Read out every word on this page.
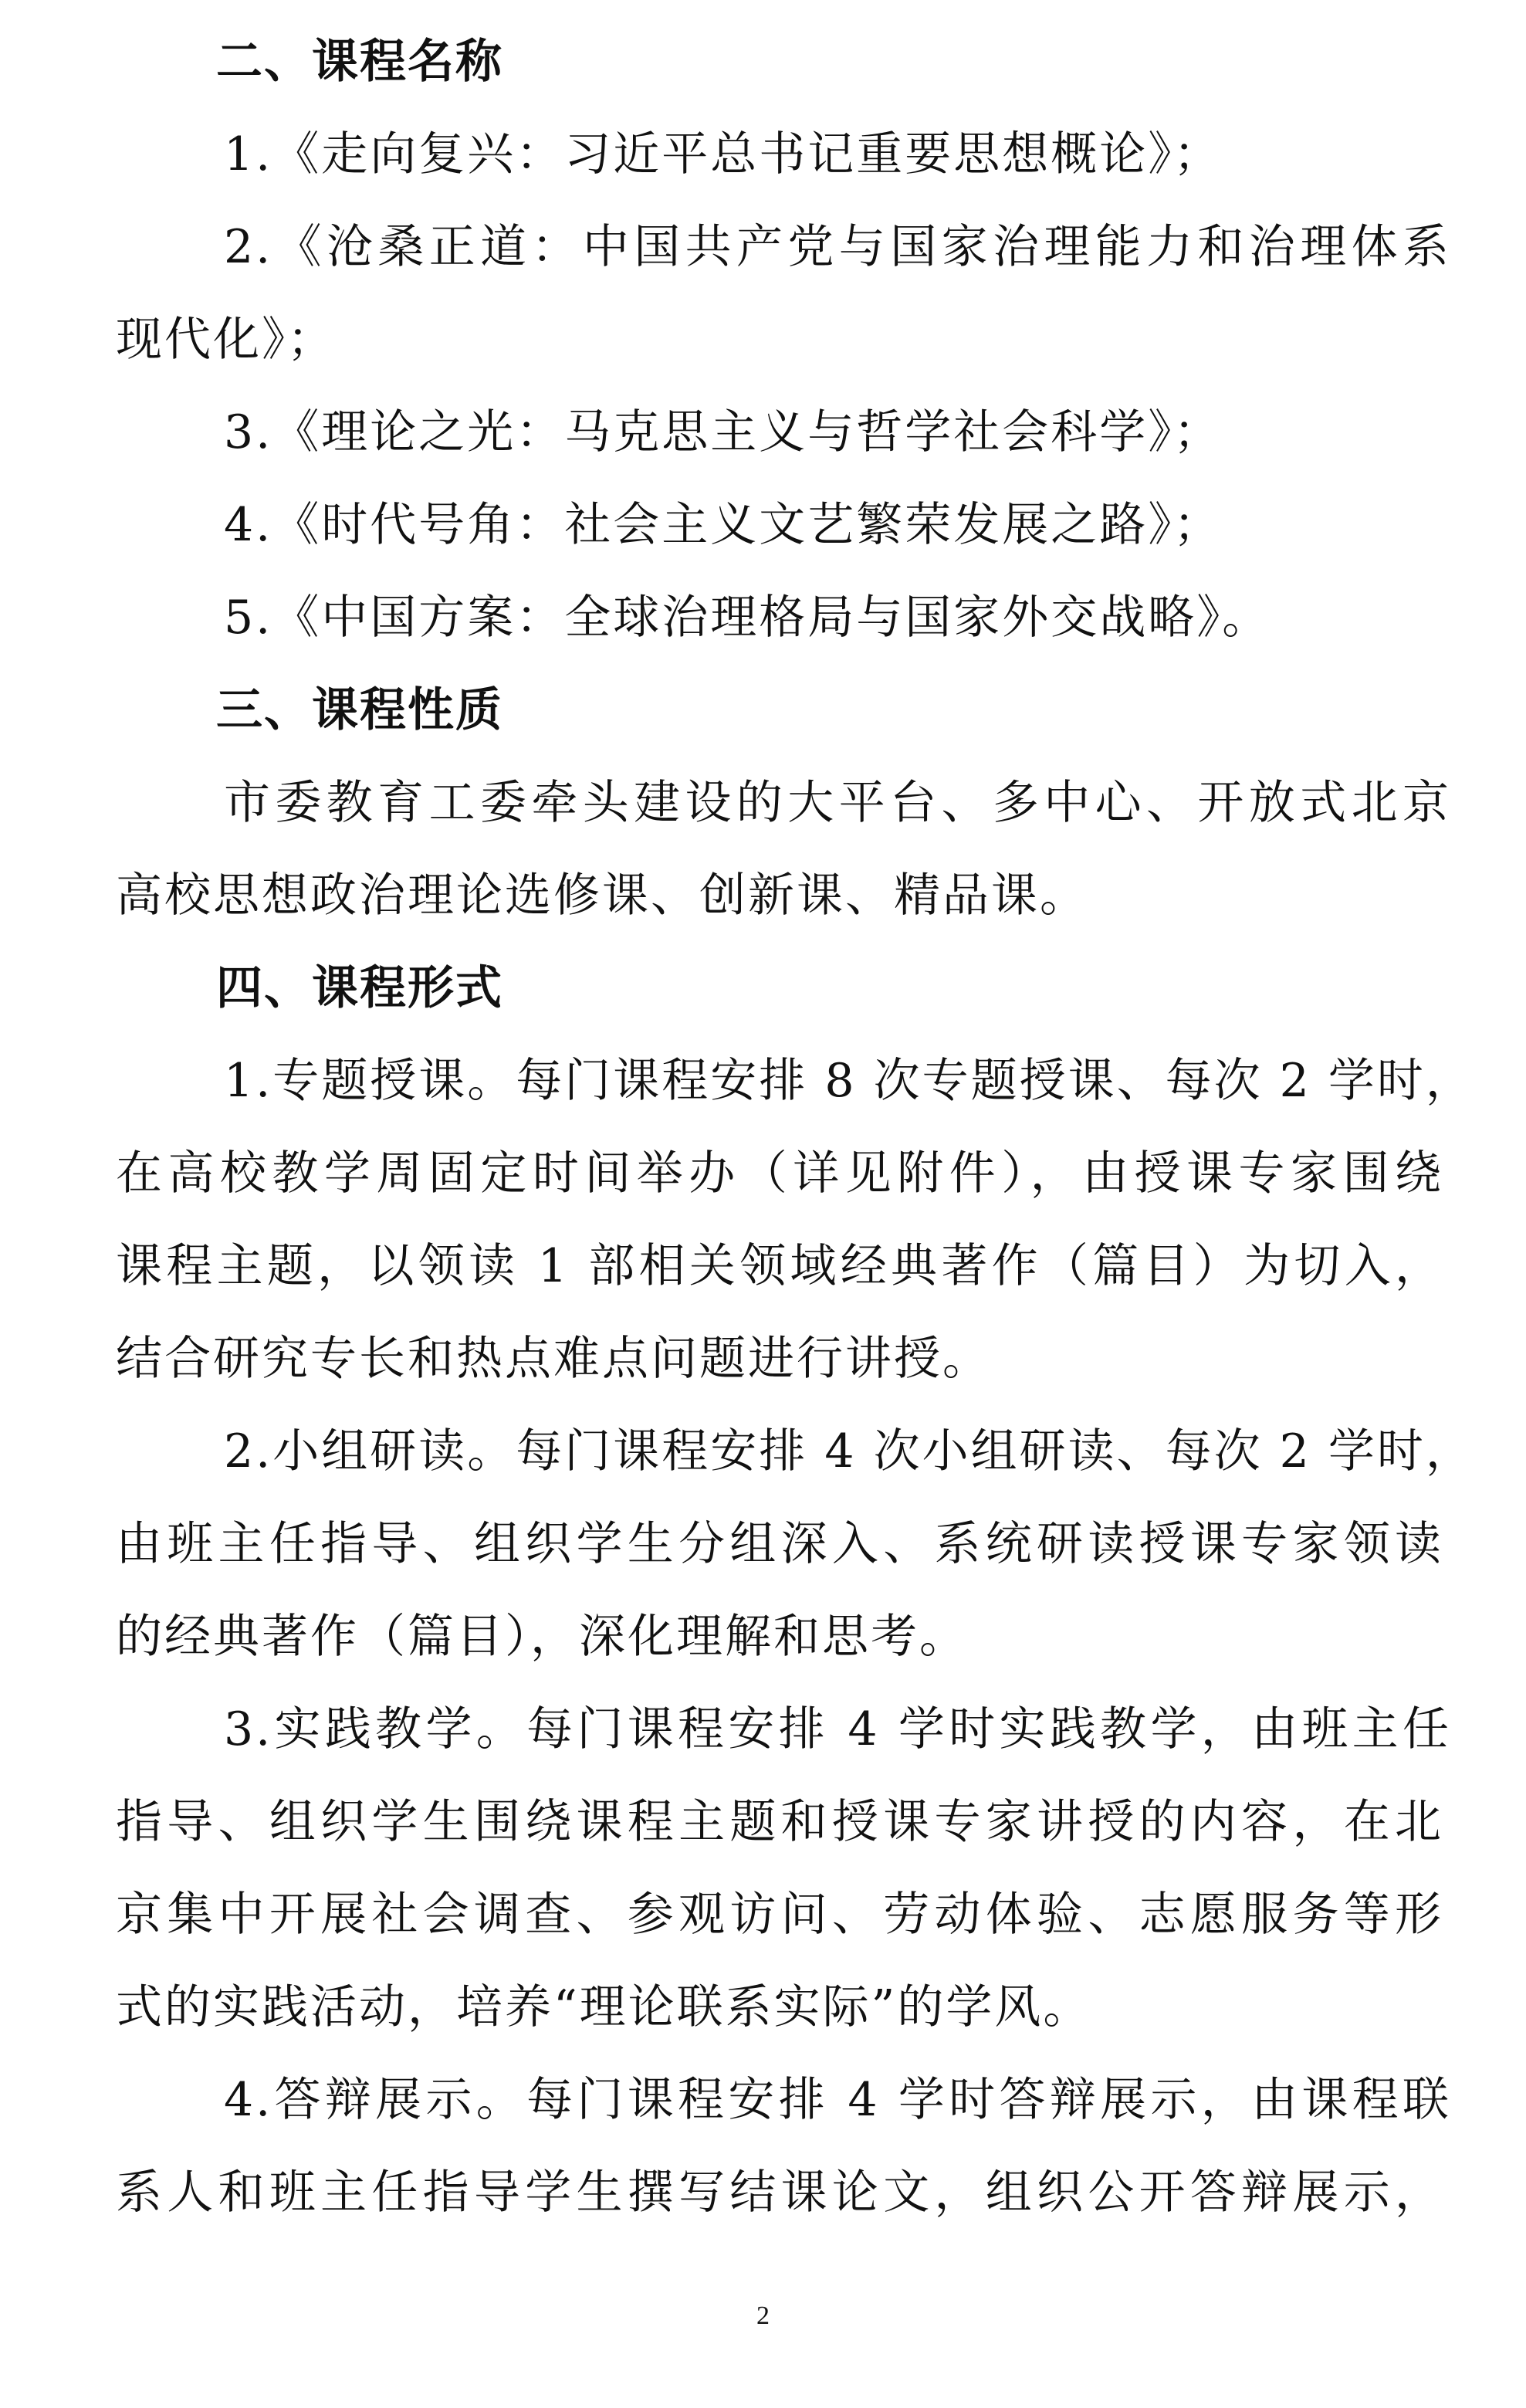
二、课程名称
1.《走向复兴：习近平总书记重要思想概论》；
2.《沧桑正道：中国共产党与国家治理能力和治理体系
现代化》；
3.《理论之光：马克思主义与哲学社会科学》；
4.《时代号角：社会主义文艺繁荣发展之路》；
5.《中国方案：全球治理格局与国家外交战略》。
三、课程性质
市委教育工委牵头建设的大平台、多中心、开放式北京
高校思想政治理论选修课、创新课、精品课。
四、课程形式
1.专题授课。每门课程安排 8 次专题授课、每次 2 学时，
在高校教学周固定时间举办（详见附件），由授课专家围绕
课程主题，以领读 1 部相关领域经典著作（篇目）为切入，
结合研究专长和热点难点问题进行讲授。
2.小组研读。每门课程安排 4 次小组研读、每次 2 学时，
由班主任指导、组织学生分组深入、系统研读授课专家领读
的经典著作（篇目），深化理解和思考。
3.实践教学。每门课程安排 4 学时实践教学，由班主任
指导、组织学生围绕课程主题和授课专家讲授的内容，在北
京集中开展社会调查、参观访问、劳动体验、志愿服务等形
式的实践活动，培养“理论联系实际”的学风。
4.答辩展示。每门课程安排 4 学时答辩展示，由课程联
系人和班主任指导学生撰写结课论文，组织公开答辩展示，
2
